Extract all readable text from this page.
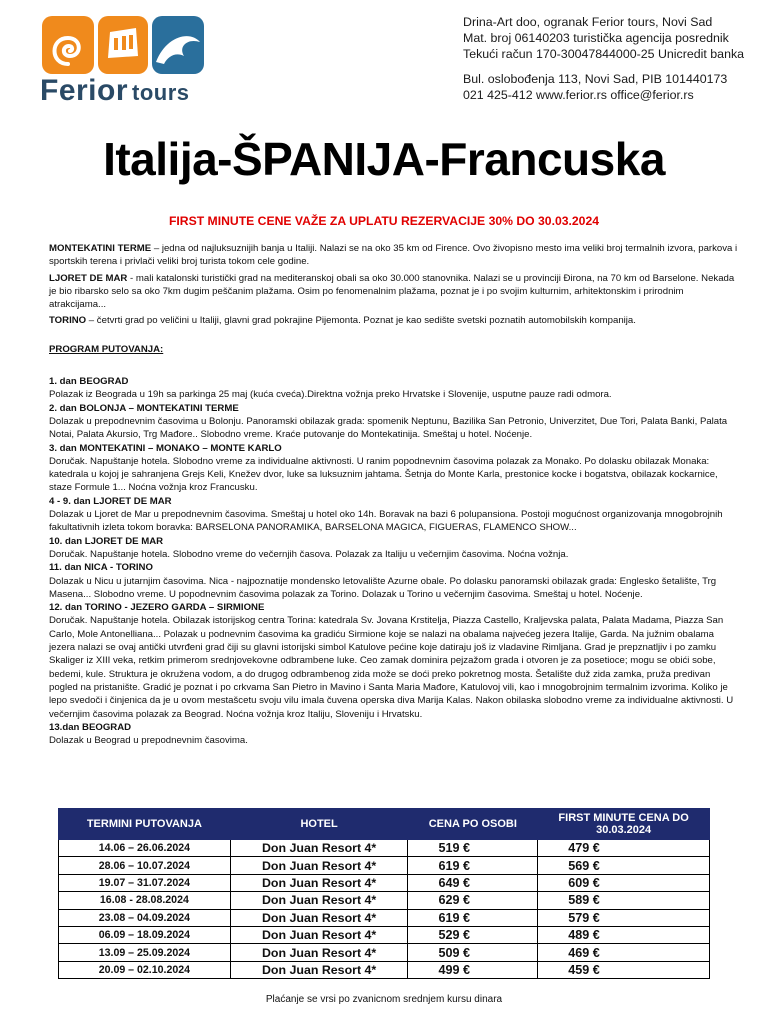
Ferior tours
Drina-Art doo, ogranak Ferior tours, Novi Sad
Mat. broj 06140203 turistička agencija posrednik
Tekući račun 170-30047844000-25 Unicredit banka
Bul. oslobođenja 113, Novi Sad, PIB 101440173
021 425-412 www.ferior.rs office@ferior.rs
Italija-ŠPANIJA-Francuska
FIRST MINUTE CENE VAŽE ZA UPLATU REZERVACIJE 30% DO 30.03.2024

MONTEKATINI TERME – jedna od najluksuznijih banja u Italiji. Nalazi se na oko 35 km od Firence. Ovo živopisno mesto ima veliki broj termalnih izvora, parkova i sportskih terena i privlači veliki broj turista tokom cele godine.

LJORET DE MAR - mali katalonski turistički grad na mediteranskoj obali sa oko 30.000 stanovnika. Nalazi se u provinciji Đirona, na 70 km od Barselone. Nekada je bio ribarsko selo sa oko 7km dugim peščanim plažama. Osim po fenomenalnim plažama, poznat je i po svojim kulturnim, arhitektonskim i prirodnim atrakcijama...

TORINO – četvrti grad po veličini u Italiji, glavni grad pokrajine Pijemonta. Poznat je kao sedište svetski poznatih automobilskih kompanija.

PROGRAM PUTOVANJA:

1. dan BEOGRAD

Polazak iz Beograda u 19h sa parkinga 25 maj (kuća cveća).Direktna vožnja preko Hrvatske i Slovenije, usputne pauze radi odmora.

2. dan BOLONJA – MONTEKATINI TERME

Dolazak u prepodnevnim časovima u Bolonju. Panoramski obilazak grada: spomenik Neptunu, Bazilika San Petronio, Univerzitet, Due Tori, Palata Banki, Palata Notai, Palata Akursio, Trg Mađore.. Slobodno vreme. Kraće putovanje do Montekatinija. Smeštaj u hotel. Noćenje.

3. dan MONTEKATINI – MONAKO – MONTE KARLO

Doručak. Napuštanje hotela. Slobodno vreme za individualne aktivnosti. U ranim popodnevnim časovima polazak za Monako. Po dolasku obilazak Monaka: katedrala u kojoj je sahranjena Grejs Keli, Knežev dvor, luke sa luksuznim jahtama. Šetnja do Monte Karla, prestonice kocke i bogatstva, obilazak kockarnice, staze Formule 1... Noćna vožnja kroz Francusku.

4 - 9. dan LJORET DE MAR

Dolazak u Ljoret de Mar u prepodnevnim časovima. Smeštaj u hotel oko 14h. Boravak na bazi 6 polupansiona. Postoji mogućnost organizovanja mnogobrojnih fakultativnih izleta tokom boravka: BARSELONA PANORAMIKA, BARSELONA MAGICA, FIGUERAS, FLAMENCO SHOW...

10. dan LJORET DE MAR

Doručak. Napuštanje hotela. Slobodno vreme do večernjih časova. Polazak za Italiju u večernjim časovima. Noćna vožnja.

11. dan NICA - TORINO

Dolazak u Nicu u jutarnjim časovima. Nica - najpoznatije mondensko letovalište Azurne obale. Po dolasku panoramski obilazak grada: Englesko šetalište, Trg Masena... Slobodno vreme. U popodnevnim časovima polazak za Torino. Dolazak u Torino u večernjim časovima. Smeštaj u hotel. Noćenje.

12. dan TORINO - JEZERO GARDA – SIRMIONE

Doručak. Napuštanje hotela. Obilazak istorijskog centra Torina: katedrala Sv. Jovana Krstitelja, Piazza Castello, Kraljevska palata, Palata Madama, Piazza San Carlo, Mole Antonelliana... Polazak u podnevnim časovima ka gradiću Sirmione koje se nalazi na obalama najvećeg jezera Italije, Garda. Na južnim obalama jezera nalazi se ovaj antički utvrđeni grad čiji su glavni istorijski simbol Katulove pećine koje datiraju još iz vladavine Rimljana. Grad je prepznatljiv i po zamku Skaliger iz XIII veka, retkim primerom srednjovekovne odbrambene luke. Ceo zamak dominira pejzažom grada i otvoren je za posetioce; mogu se obići sobe, bedemi, kule. Struktura je okružena vodom, a do drugog odbrambenog zida može se doći preko pokretnog mosta. Šetalište duž zida zamka, pruža predivan pogled na pristanište. Gradić je poznat i po crkvama San Pietro in Mavino i Santa Maria Mađore, Katulovoj vili, kao i mnogobrojnim termalnim izvorima. Koliko je lepo svedoči i činjenica da je u ovom mestašcetu svoju vilu imala čuvena operska diva Marija Kalas. Nakon obilaska slobodno vreme za individualne aktivnosti. U večernjim časovima polazak za Beograd. Noćna vožnja kroz Italiju, Sloveniju i Hrvatsku.

13.dan BEOGRAD

Dolazak u Beograd u prepodnevnim časovima.

TERMINI PUTOVANJA	HOTEL	CENA PO OSOBI	FIRST MINUTE CENA DO 30.03.2024
14.06 – 26.06.2024	Don Juan Resort 4*	519 €	479 €
28.06 – 10.07.2024	Don Juan Resort 4*	619 €	569 €
19.07 – 31.07.2024	Don Juan Resort 4*	649 €	609 €
16.08 - 28.08.2024	Don Juan Resort 4*	629 €	589 €
23.08 – 04.09.2024	Don Juan Resort 4*	619 €	579 €
06.09 – 18.09.2024	Don Juan Resort 4*	529 €	489 €
13.09 – 25.09.2024	Don Juan Resort 4*	509 €	469 €
20.09 – 02.10.2024	Don Juan Resort 4*	499 €	459 €
Plaćanje se vrsi po zvanicnom srednjem kursu dinara
